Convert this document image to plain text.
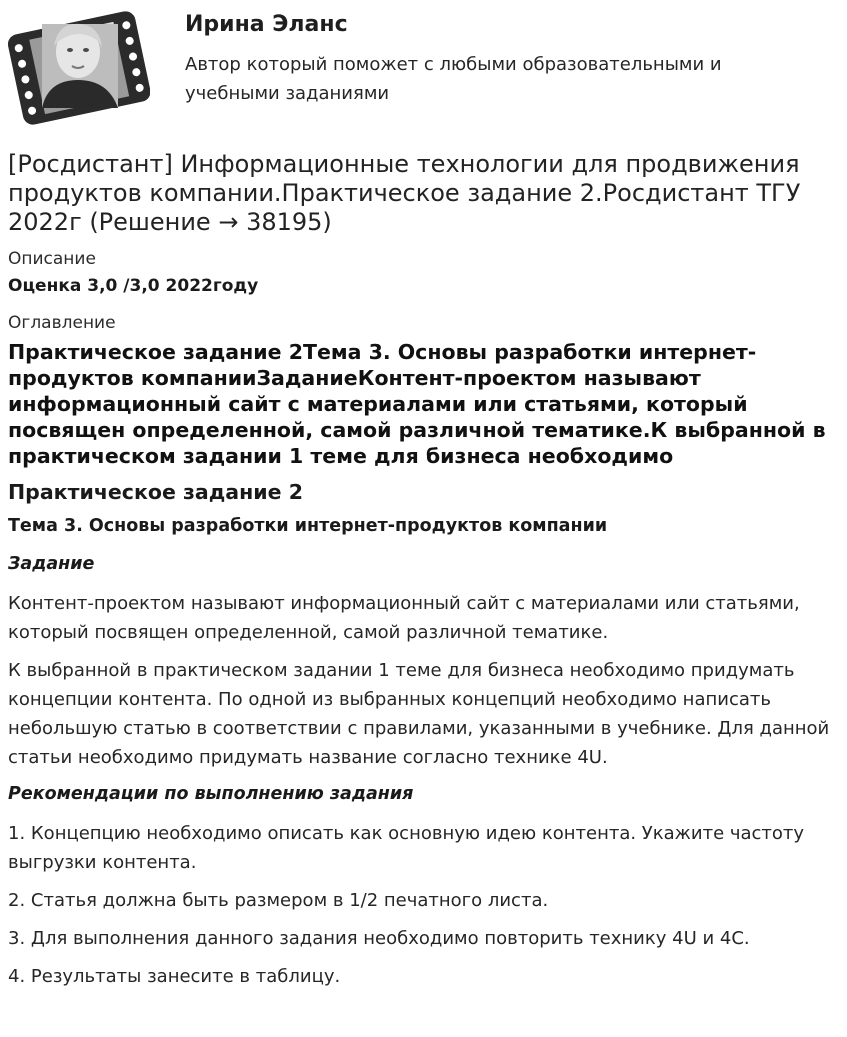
Ирина Эланс
Автор который поможет с любыми образовательными и учебными заданиями
[Росдистант] Информационные технологии для продвижения продуктов компании.Практическое задание 2.Росдистант ТГУ 2022г (Решение → 38195)

Описание

Оценка 3,0 /3,0 2022году

Оглавление

Практическое задание 2Тема 3. Основы разработки интернет-продуктов компанииЗаданиеКонтент-проектом называют информационный сайт с материалами или статьями, который посвящен определенной, самой различной тематике.К выбранной в практическом задании 1 теме для бизнеса необходимо

Практическое задание 2
Тема 3. Основы разработки интернет-продуктов компании

Задание

Контент-проектом называют информационный сайт с материалами или статьями, который посвящен определенной, самой различной тематике.

К выбранной в практическом задании 1 теме для бизнеса необходимо придумать концепции контента. По одной из выбранных концепций необходимо написать небольшую статью в соответствии с правилами, указанными в учебнике. Для данной статьи необходимо придумать название согласно технике 4U.

Рекомендации по выполнению задания

1. Концепцию необходимо описать как основную идею контента. Укажите частоту выгрузки контента.

2. Статья должна быть размером в 1/2 печатного листа.

3. Для выполнения данного задания необходимо повторить технику 4U и 4С.

4. Результаты занесите в таблицу.
